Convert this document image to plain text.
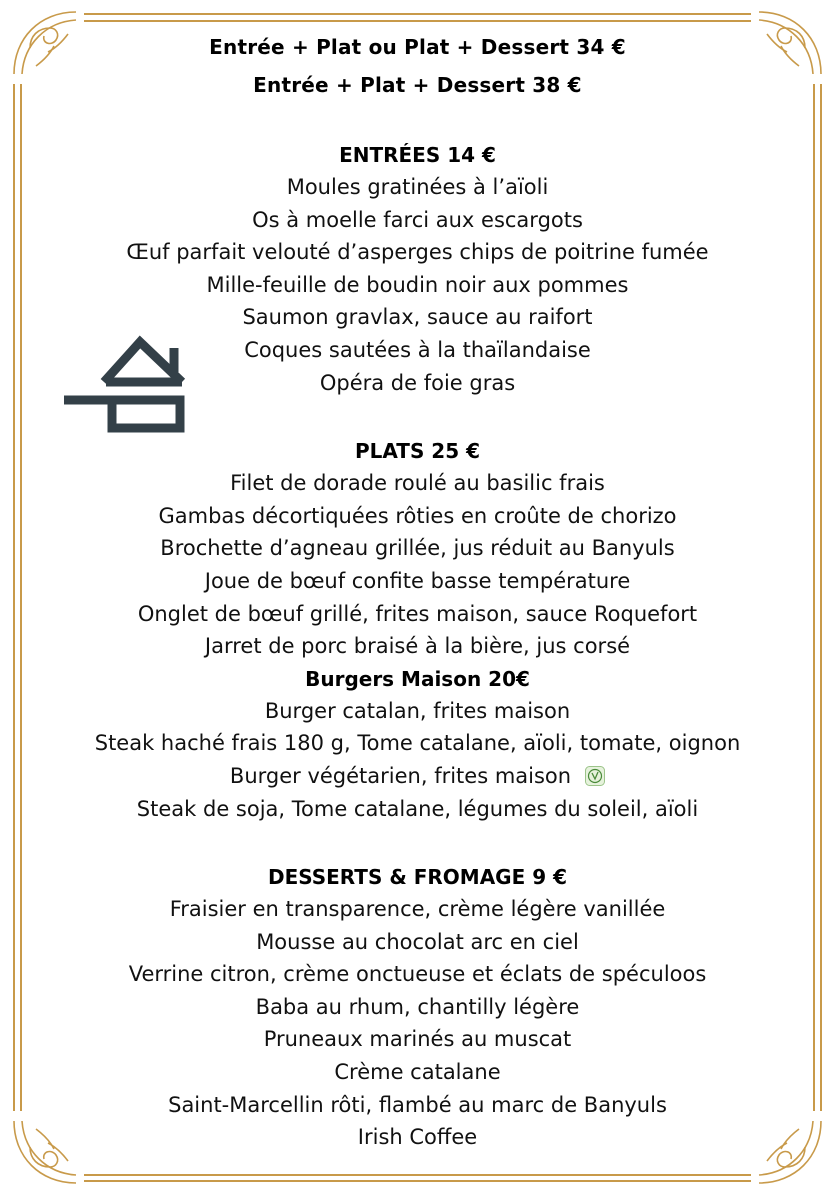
Entrée + Plat ou Plat + Dessert 34 €
Entrée + Plat + Dessert 38 €
ENTRÉES 14 €
Moules gratinées à l’aïoli
Os à moelle farci aux escargots
Œuf parfait velouté d’asperges chips de poitrine fumée
Mille-feuille de boudin noir aux pommes
Saumon gravlax, sauce au raifort
Coques sautées à la thaïlandaise
Opéra de foie gras
PLATS 25 €
Filet de dorade roulé au basilic frais
Gambas décortiquées rôties en croûte de chorizo
Brochette d’agneau grillée, jus réduit au Banyuls
Joue de bœuf confite basse température
Onglet de bœuf grillé, frites maison, sauce Roquefort
Jarret de porc braisé à la bière, jus corsé
Burgers Maison 20€
Burger catalan, frites maison
Steak haché frais 180 g, Tome catalane, aïoli, tomate, oignon
Burger végétarien, frites maison
Steak de soja, Tome catalane, légumes du soleil, aïoli
DESSERTS & FROMAGE 9 €
Fraisier en transparence, crème légère vanillée
Mousse au chocolat arc en ciel
Verrine citron, crème onctueuse et éclats de spéculoos
Baba au rhum, chantilly légère
Pruneaux marinés au muscat
Crème catalane
Saint-Marcellin rôti, flambé au marc de Banyuls
Irish Coffee
